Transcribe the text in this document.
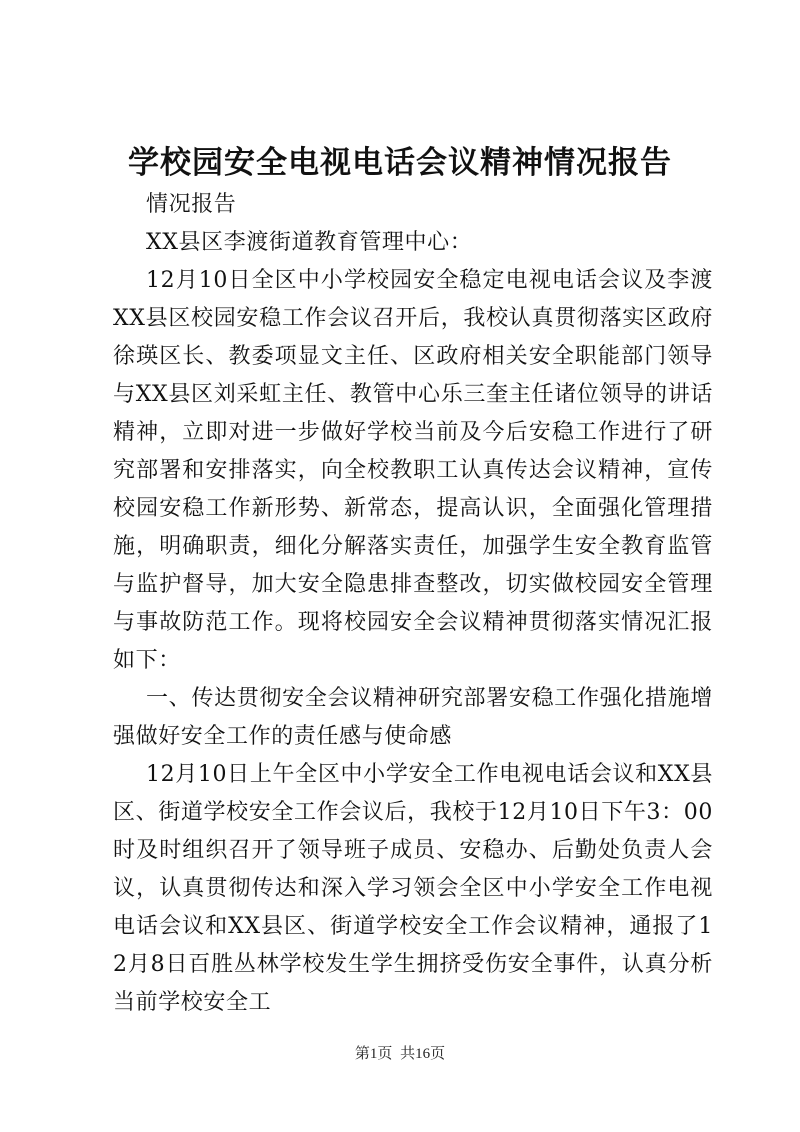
学校园安全电视电话会议精神情况报告

情况报告

XX县区李渡街道教育管理中心：

12月10日全区中小学校园安全稳定电视电话会议及李渡XX县区校园安稳工作会议召开后，我校认真贯彻落实区政府徐瑛区长、教委项显文主任、区政府相关安全职能部门领导与XX县区刘采虹主任、教管中心乐三奎主任诸位领导的讲话精神，立即对进一步做好学校当前及今后安稳工作进行了研究部署和安排落实，向全校教职工认真传达会议精神，宣传校园安稳工作新形势、新常态，提高认识，全面强化管理措施，明确职责，细化分解落实责任，加强学生安全教育监管与监护督导，加大安全隐患排查整改，切实做校园安全管理与事故防范工作。现将校园安全会议精神贯彻落实情况汇报如下：

一、传达贯彻安全会议精神研究部署安稳工作强化措施增强做好安全工作的责任感与使命感

12月10日上午全区中小学安全工作电视电话会议和XX县区、街道学校安全工作会议后，我校于12月10日下午3：00时及时组织召开了领导班子成员、安稳办、后勤处负责人会议，认真贯彻传达和深入学习领会全区中小学安全工作电视电话会议和XX县区、街道学校安全工作会议精神，通报了12月8日百胜丛林学校发生学生拥挤受伤安全事件，认真分析当前学校安全工

第1页 共16页
